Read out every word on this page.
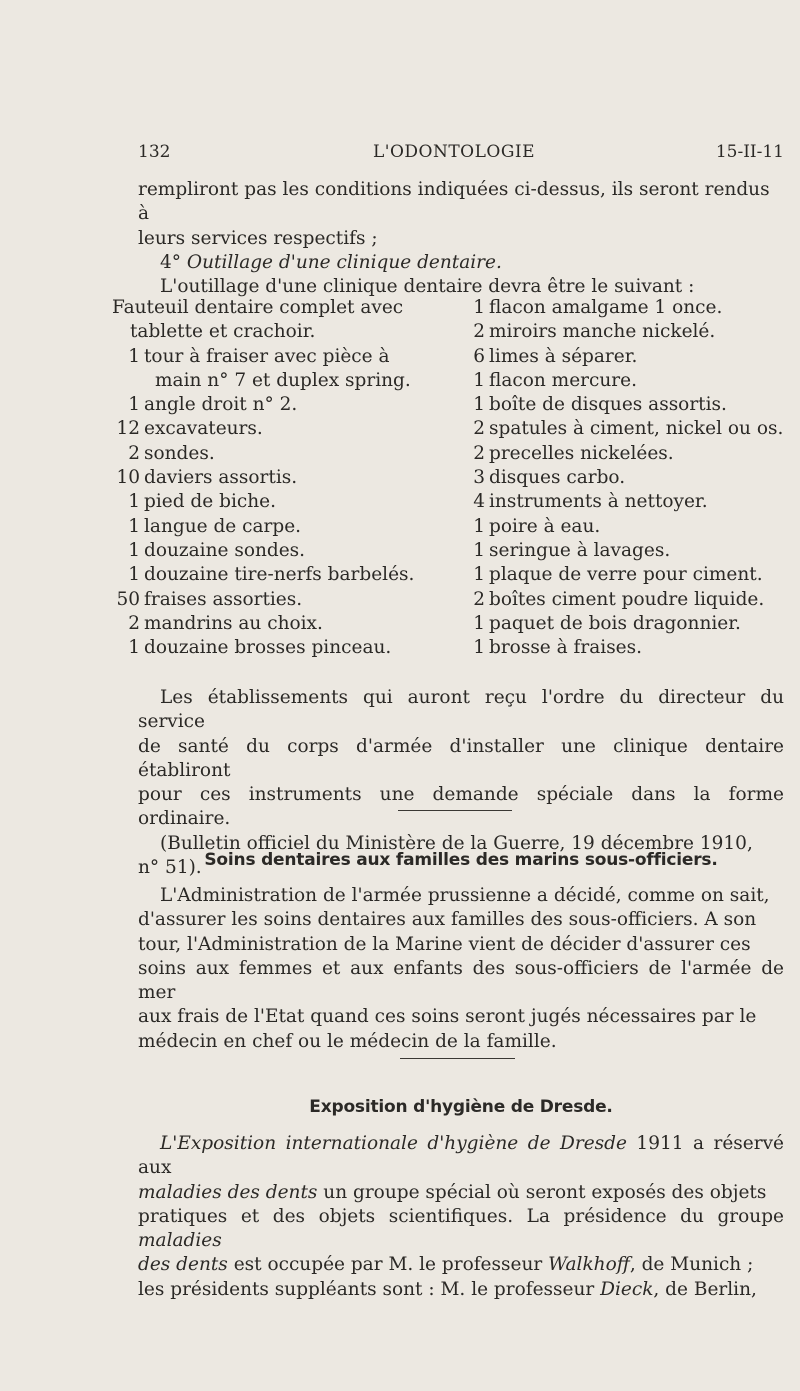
132	L'ODONTOLOGIE	15-II-11

rempliront pas les conditions indiquées ci-dessus, ils seront rendus à

leurs services respectifs ;

4° Outillage d'une clinique dentaire.

L'outillage d'une clinique dentaire devra être le suivant :

Fauteuil dentaire complet avec
tablette et crachoir.
1 tour à fraiser avec pièce à
main n° 7 et duplex spring.
1 angle droit n° 2.
12 excavateurs.
2 sondes.
10 daviers assortis.
1 pied de biche.
1 langue de carpe.
1 douzaine sondes.
1 douzaine tire-nerfs barbelés.
50 fraises assorties.
2 mandrins au choix.
1 douzaine brosses pinceau.
1 flacon amalgame 1 once.
2 miroirs manche nickelé.
6 limes à séparer.
1 flacon mercure.
1 boîte de disques assortis.
2 spatules à ciment, nickel ou os.
2 precelles nickelées.
3 disques carbo.
4 instruments à nettoyer.
1 poire à eau.
1 seringue à lavages.
1 plaque de verre pour ciment.
2 boîtes ciment poudre liquide.
1 paquet de bois dragonnier.
1 brosse à fraises.

Les établissements qui auront reçu l'ordre du directeur du service

de santé du corps d'armée d'installer une clinique dentaire établiront

pour ces instruments une demande spéciale dans la forme ordinaire.

(Bulletin officiel du Ministère de la Guerre, 19 décembre 1910,

n° 51). Soins dentaires aux familles des marins sous-officiers.

L'Administration de l'armée prussienne a décidé, comme on sait,

d'assurer les soins dentaires aux familles des sous-officiers. A son

tour, l'Administration de la Marine vient de décider d'assurer ces

soins aux femmes et aux enfants des sous-officiers de l'armée de mer

aux frais de l'Etat quand ces soins seront jugés nécessaires par le

médecin en chef ou le médecin de la famille.

Exposition d'hygiène de Dresde.

L'Exposition internationale d'hygiène de Dresde 1911 a réservé aux

maladies des dents un groupe spécial où seront exposés des objets

pratiques et des objets scientifiques. La présidence du groupe maladies

des dents est occupée par M. le professeur Walkhoff, de Munich ;

les présidents suppléants sont : M. le professeur Dieck, de Berlin,
